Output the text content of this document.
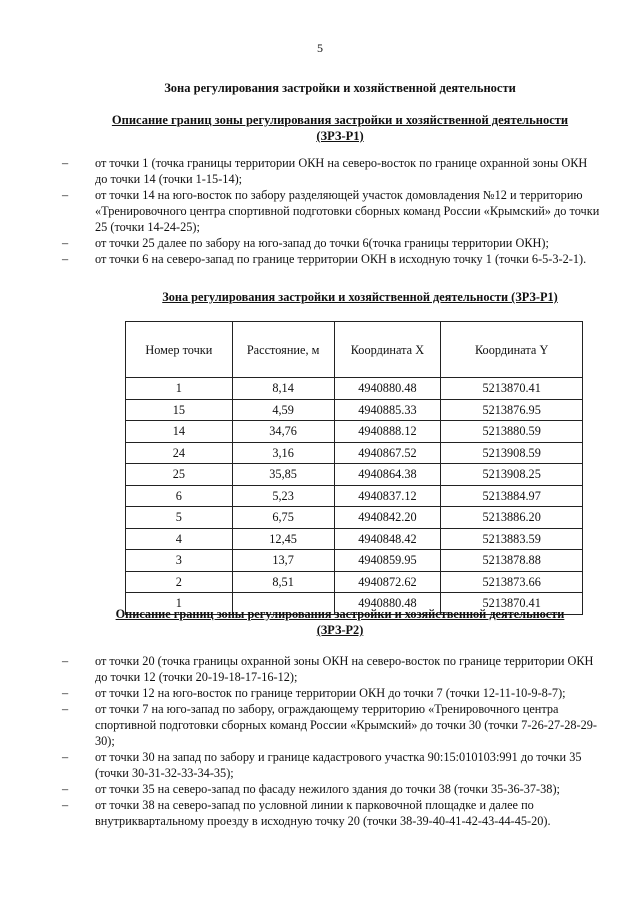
5
Зона регулирования застройки и хозяйственной деятельности
Описание границ зоны регулирования застройки и хозяйственной деятельности
(ЗРЗ-Р1)
– от точки 1 (точка границы территории ОКН на северо-восток по границе охранной зоны ОКН до точки 14 (точки 1-15-14);
– от точки 14 на юго-восток по забору разделяющей участок домовладения №12 и территорию «Тренировочного центра спортивной подготовки сборных команд России «Крымский» до точки 25 (точки 14-24-25);
– от точки 25 далее по забору на юго-запад до точки 6(точка границы территории ОКН);
– от точки 6 на северо-запад по границе территории ОКН в исходную точку 1 (точки 6-5-3-2-1).
Зона регулирования застройки и хозяйственной деятельности (ЗРЗ-Р1)
Номер точки	Расстояние, м	Координата X	Координата Y
1	8,14	4940880.48	5213870.41
15	4,59	4940885.33	5213876.95
14	34,76	4940888.12	5213880.59
24	3,16	4940867.52	5213908.59
25	35,85	4940864.38	5213908.25
6	5,23	4940837.12	5213884.97
5	6,75	4940842.20	5213886.20
4	12,45	4940848.42	5213883.59
3	13,7	4940859.95	5213878.88
2	8,51	4940872.62	5213873.66
1		4940880.48	5213870.41
Описание границ зоны регулирования застройки и хозяйственной деятельности
(ЗРЗ-Р2)
– от точки 20 (точка границы охранной зоны ОКН на северо-восток по границе территории ОКН до точки 12 (точки 20-19-18-17-16-12);
– от точки 12 на юго-восток по границе территории ОКН до точки 7 (точки 12-11-10-9-8-7);
– от точки 7 на юго-запад по забору, ограждающему территорию «Тренировочного центра спортивной подготовки сборных команд России «Крымский» до точки 30 (точки 7-26-27-28-29-30);
– от точки 30 на запад по забору и границе кадастрового участка 90:15:010103:991 до точки 35 (точки 30-31-32-33-34-35);
– от точки 35 на северо-запад по фасаду нежилого здания до точки 38 (точки 35-36-37-38);
– от точки 38 на северо-запад по условной линии к парковочной площадке и далее по внутриквартальному проезду в исходную точку 20 (точки 38-39-40-41-42-43-44-45-20).
